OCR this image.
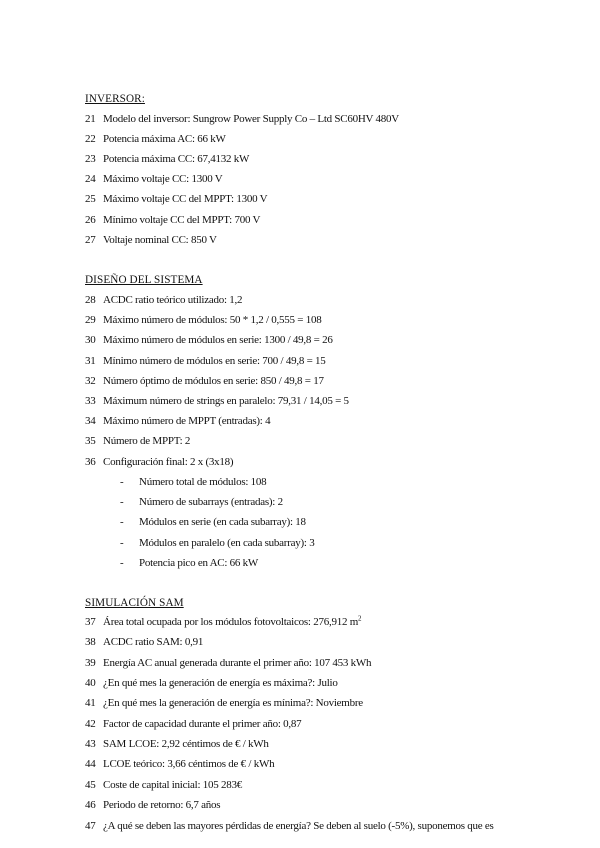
INVERSOR:
21 Modelo del inversor: Sungrow Power Supply Co – Ltd SC60HV 480V
22 Potencia máxima AC: 66 kW
23 Potencia máxima CC: 67,4132 kW
24 Máximo voltaje CC: 1300 V
25 Máximo voltaje CC del MPPT: 1300 V
26 Mínimo voltaje CC del MPPT: 700 V
27 Voltaje nominal CC: 850 V
DISEÑO DEL SISTEMA
28 ACDC ratio teórico utilizado: 1,2
29 Máximo número de módulos: 50 * 1,2 / 0,555 = 108
30 Máximo número de módulos en serie: 1300 / 49,8 = 26
31 Mínimo número de módulos en serie: 700 / 49,8 = 15
32 Número óptimo de módulos en serie: 850 / 49,8 = 17
33 Máximum número de strings en paralelo: 79,31 / 14,05 = 5
34 Máximo número de MPPT (entradas): 4
35 Número de MPPT: 2
36 Configuración final: 2 x (3x18)
- Número total de módulos: 108
- Número de subarrays (entradas): 2
- Módulos en serie (en cada subarray): 18
- Módulos en paralelo (en cada subarray): 3
- Potencia pico en AC: 66 kW
SIMULACIÓN SAM
37 Área total ocupada por los módulos fotovoltaicos: 276,912 $m^2$
38 ACDC ratio SAM: 0,91
39 Energía AC anual generada durante el primer año: 107 453 kWh
40 ¿En qué mes la generación de energía es máxima?: Julio
41 ¿En qué mes la generación de energía es mínima?: Noviembre
42 Factor de capacidad durante el primer año: 0,87
43 SAM LCOE: 2,92 céntimos de € / kWh
44 LCOE teórico: 3,66 céntimos de € / kWh
45 Coste de capital inicial: 105 283€
46 Periodo de retorno: 6,7 años
47 ¿A qué se deben las mayores pérdidas de energía? Se deben al suelo (-5%), suponemos que es
